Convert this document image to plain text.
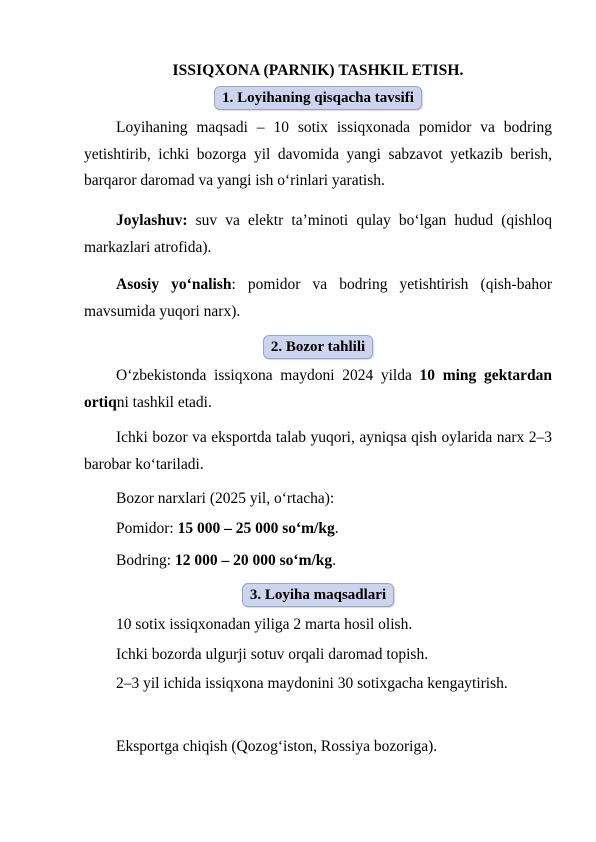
ISSIQXONA (PARNIK) TASHKIL ETISH.
1. Loyihaning qisqacha tavsifi
Loyihaning maqsadi – 10 sotix issiqxonada pomidor va bodring yetishtirib, ichki bozorga yil davomida yangi sabzavot yetkazib berish, barqaror daromad va yangi ish o‘rinlari yaratish.
Joylashuv: suv va elektr ta’minoti qulay bo‘lgan hudud (qishloq markazlari atrofida).
Asosiy yo‘nalish: pomidor va bodring yetishtirish (qish-bahor mavsumida yuqori narx).
2. Bozor tahlili
O‘zbekistonda issiqxona maydoni 2024 yilda 10 ming gektardan ortiqni tashkil etadi.
Ichki bozor va eksportda talab yuqori, ayniqsa qish oylarida narx 2–3 barobar ko‘tariladi.
Bozor narxlari (2025 yil, o‘rtacha):
Pomidor: 15 000 – 25 000 so‘m/kg.
Bodring: 12 000 – 20 000 so‘m/kg.
3. Loyiha maqsadlari
10 sotix issiqxonadan yiliga 2 marta hosil olish.
Ichki bozorda ulgurji sotuv orqali daromad topish.
2–3 yil ichida issiqxona maydonini 30 sotixgacha kengaytirish.
Eksportga chiqish (Qozog‘iston, Rossiya bozoriga).
